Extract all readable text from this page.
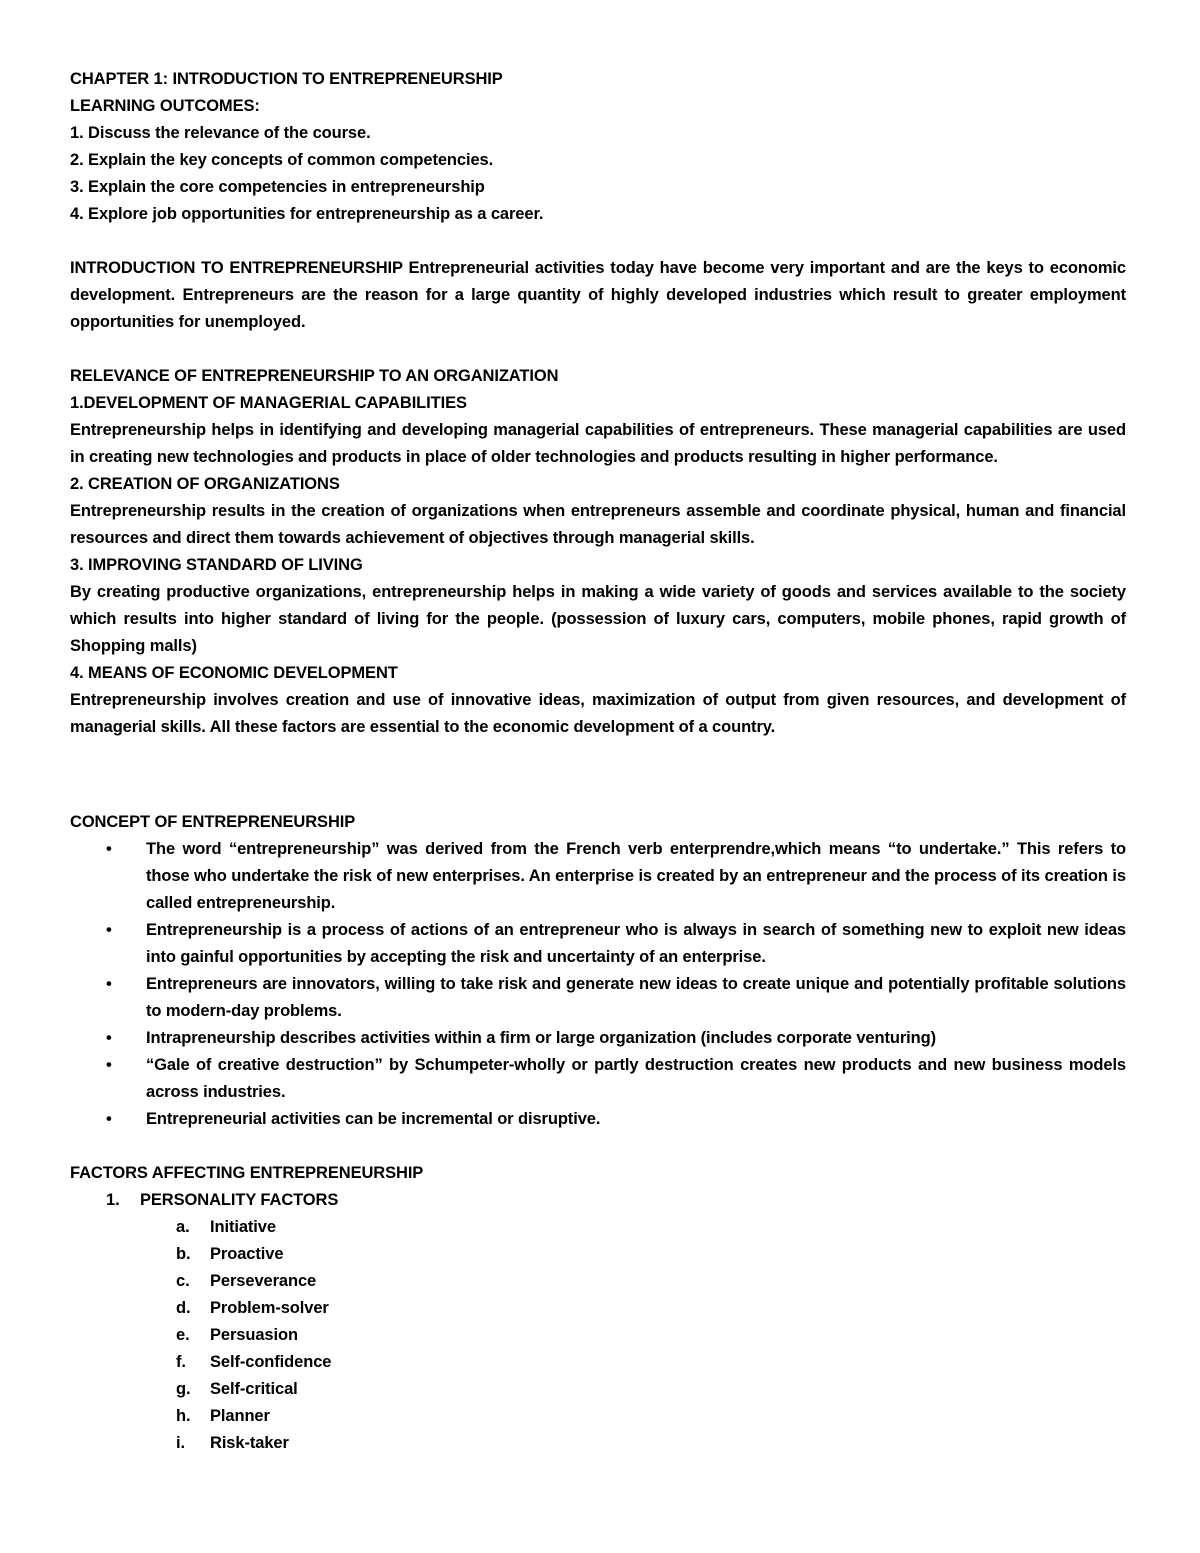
CHAPTER 1: INTRODUCTION TO ENTREPRENEURSHIP
LEARNING OUTCOMES:
1. Discuss the relevance of the course.
2. Explain the key concepts of common competencies.
3. Explain the core competencies in entrepreneurship
4. Explore job opportunities for entrepreneurship as a career.

INTRODUCTION TO ENTREPRENEURSHIP Entrepreneurial activities today have become very important and are the keys to economic development. Entrepreneurs are the reason for a large quantity of highly developed industries which result to greater employment opportunities for unemployed.

RELEVANCE OF ENTREPRENEURSHIP TO AN ORGANIZATION
1.DEVELOPMENT OF MANAGERIAL CAPABILITIES

Entrepreneurship helps in identifying and developing managerial capabilities of entrepreneurs. These managerial capabilities are used in creating new technologies and products in place of older technologies and products resulting in higher performance.

2. CREATION OF ORGANIZATIONS

Entrepreneurship results in the creation of organizations when entrepreneurs assemble and coordinate physical, human and financial resources and direct them towards achievement of objectives through managerial skills.

3. IMPROVING STANDARD OF LIVING

By creating productive organizations, entrepreneurship helps in making a wide variety of goods and services available to the society which results into higher standard of living for the people. (possession of luxury cars, computers, mobile phones, rapid growth of Shopping malls)

4. MEANS OF ECONOMIC DEVELOPMENT

Entrepreneurship involves creation and use of innovative ideas, maximization of output from given resources, and development of managerial skills. All these factors are essential to the economic development of a country.

CONCEPT OF ENTREPRENEURSHIP
•	The word “entrepreneurship” was derived from the French verb enterprendre,which means “to undertake.” This refers to those who undertake the risk of new enterprises. An enterprise is created by an entrepreneur and the process of its creation is called entrepreneurship.
•	Entrepreneurship is a process of actions of an entrepreneur who is always in search of something new to exploit new ideas into gainful opportunities by accepting the risk and uncertainty of an enterprise.
•	Entrepreneurs are innovators, willing to take risk and generate new ideas to create unique and potentially profitable solutions to modern-day problems.
•	Intrapreneurship describes activities within a firm or large organization (includes corporate venturing)
•	“Gale of creative destruction” by Schumpeter-wholly or partly destruction creates new products and new business models across industries.
•	Entrepreneurial activities can be incremental or disruptive.
FACTORS AFFECTING ENTREPRENEURSHIP
1.	PERSONALITY FACTORS
a.	Initiative
b.	Proactive
c.	Perseverance
d.	Problem-solver
e.	Persuasion
f.	Self-confidence
g.	Self-critical
h.	Planner
i.	Risk-taker
